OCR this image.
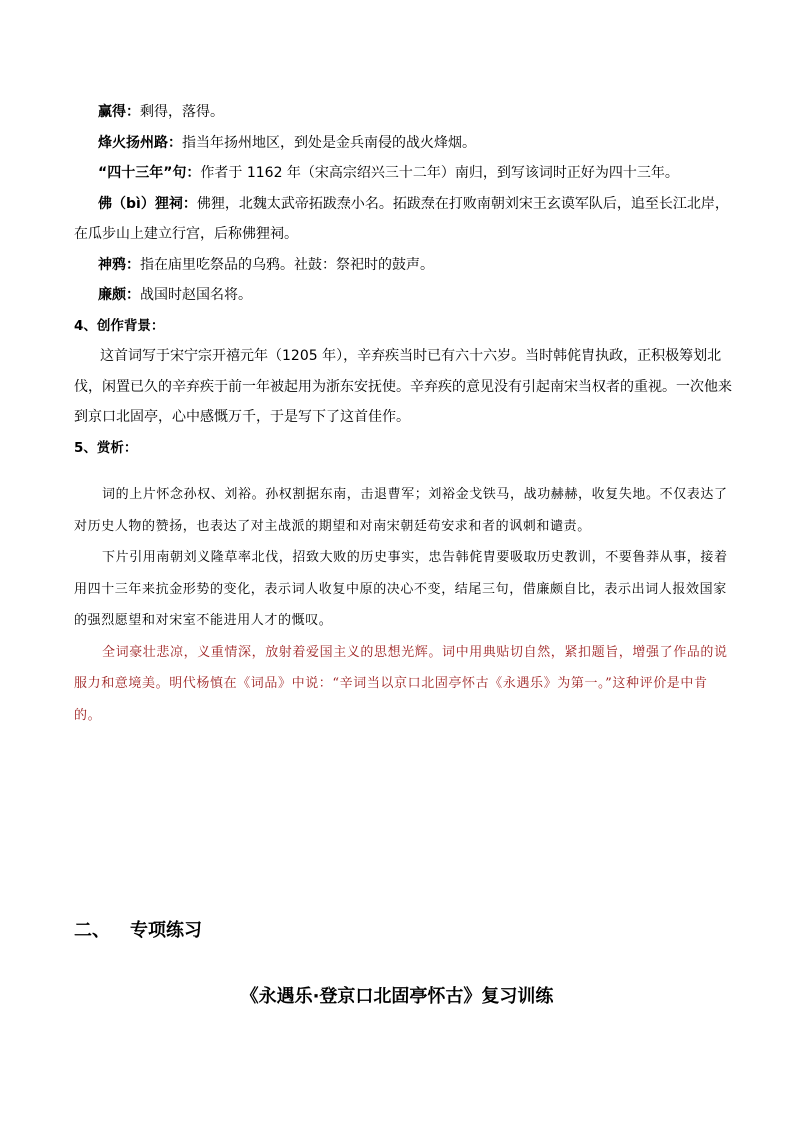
赢得：剩得，落得。

烽火扬州路：指当年扬州地区，到处是金兵南侵的战火烽烟。

“四十三年”句：作者于 1162 年（宋高宗绍兴三十二年）南归，到写该词时正好为四十三年。

佛（bì）狸祠：佛狸，北魏太武帝拓跋焘小名。拓跋焘在打败南朝刘宋王玄谟军队后，追至长江北岸，在瓜步山上建立行宫，后称佛狸祠。

神鸦：指在庙里吃祭品的乌鸦。社鼓：祭祀时的鼓声。

廉颇：战国时赵国名将。

4、创作背景：

这首词写于宋宁宗开禧元年（1205 年），辛弃疾当时已有六十六岁。当时韩侂胄执政，正积极筹划北伐，闲置已久的辛弃疾于前一年被起用为浙东安抚使。辛弃疾的意见没有引起南宋当权者的重视。一次他来到京口北固亭，心中感慨万千，于是写下了这首佳作。

5、赏析：

词的上片怀念孙权、刘裕。孙权割据东南，击退曹军；刘裕金戈铁马，战功赫赫，收复失地。不仅表达了对历史人物的赞扬，也表达了对主战派的期望和对南宋朝廷苟安求和者的讽刺和谴责。

下片引用南朝刘义隆草率北伐，招致大败的历史事实，忠告韩侂胄要吸取历史教训，不要鲁莽从事，接着用四十三年来抗金形势的变化，表示词人收复中原的决心不变，结尾三句，借廉颇自比，表示出词人报效国家的强烈愿望和对宋室不能进用人才的慨叹。

全词豪壮悲凉，义重情深，放射着爱国主义的思想光辉。词中用典贴切自然，紧扣题旨，增强了作品的说服力和意境美。明代杨慎在《词品》中说：“辛词当以京口北固亭怀古《永遇乐》为第一。”这种评价是中肯的。

二、 专项练习

《永遇乐·登京口北固亭怀古》复习训练
